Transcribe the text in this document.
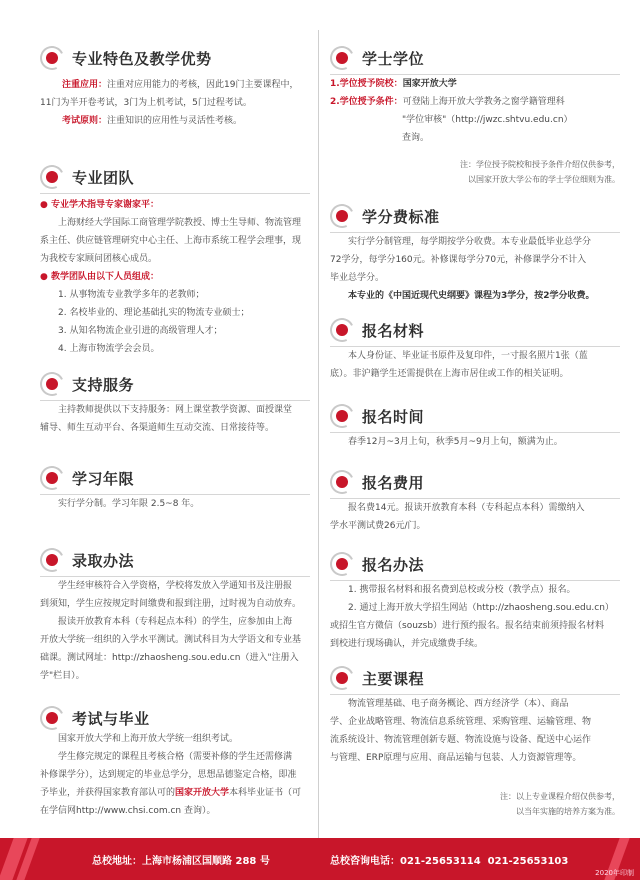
专业特色及教学优势
注重应用：注重对应用能力的考核，因此19门主要课程中，
11门为半开卷考试，3门为上机考试，5门过程考试。
考试原则：注重知识的应用性与灵活性考核。
专业团队
● 专业学术指导专家谢家平：
上海财经大学国际工商管理学院教授、博士生导师、物流管理
系主任、供应链管理研究中心主任、上海市系统工程学会理事，现
为我校专家顾问团核心成员。
● 教学团队由以下人员组成：
1. 从事物流专业教学多年的老教师；
2. 名校毕业的、理论基础扎实的物流专业硕士；
3. 从知名物流企业引进的高级管理人才；
4. 上海市物流学会会员。
支持服务
主持教师提供以下支持服务：网上课堂教学资源、面授课堂
辅导、师生互动平台、各渠道师生互动交流、日常接待等。
学习年限
实行学分制。学习年限 2.5~8 年。
录取办法
学生经审核符合入学资格，学校将发放入学通知书及注册报
到须知，学生应按规定时间缴费和报到注册，过时视为自动放弃。
报读开放教育本科（专科起点本科）的学生，应参加由上海
开放大学统一组织的入学水平测试。测试科目为大学语文和专业基
础课。测试网址：http://zhaosheng.sou.edu.cn（进入"注册入
学"栏目）。
考试与毕业
国家开放大学和上海开放大学统一组织考试。
学生修完规定的课程且考核合格（需要补修的学生还需修满
补修课学分），达到规定的毕业总学分，思想品德鉴定合格，即准
予毕业，并获得国家教育部认可的国家开放大学本科毕业证书（可
在学信网http://www.chsi.com.cn 查询）。
学士学位
1.学位授予院校：国家开放大学
2.学位授予条件：可登陆上海开放大学教务之窗学籍管理科
"学位审核"（http://jwzc.shtvu.edu.cn）
查询。
注：学位授予院校和授予条件介绍仅供参考，
以国家开放大学公布的学士学位细则为准。
学分费标准
实行学分制管理，每学期按学分收费。本专业最低毕业总学分
72学分，每学分160元。补修课每学分70元，补修课学分不计入
毕业总学分。
本专业的《中国近现代史纲要》课程为3学分，按2学分收费。
报名材料
本人身份证、毕业证书原件及复印件，一寸报名照片1张（蓝
底）。非沪籍学生还需提供在上海市居住或工作的相关证明。
报名时间
春季12月~3月上旬，秋季5月~9月上旬，额满为止。
报名费用
报名费14元。报读开放教育本科（专科起点本科）需缴纳入
学水平测试费26元/门。
报名办法
1. 携带报名材料和报名费到总校或分校（教学点）报名。
2. 通过上海开放大学招生网站（http://zhaosheng.sou.edu.cn）
或招生官方微信（souzsb）进行预约报名。报名结束前须持报名材料
到校进行现场确认，并完成缴费手续。
主要课程
物流管理基础、电子商务概论、西方经济学（本）、商品
学、企业战略管理、物流信息系统管理、采购管理、运输管理、物
流系统设计、物流管理创新专题、物流设施与设备、配送中心运作
与管理、ERP原理与应用、商品运输与包装、人力资源管理等。
注：以上专业课程介绍仅供参考，
以当年实施的培养方案为准。
总校地址：上海市杨浦区国顺路 288 号	总校咨询电话：021-25653114  021-25653103
2020年印制
